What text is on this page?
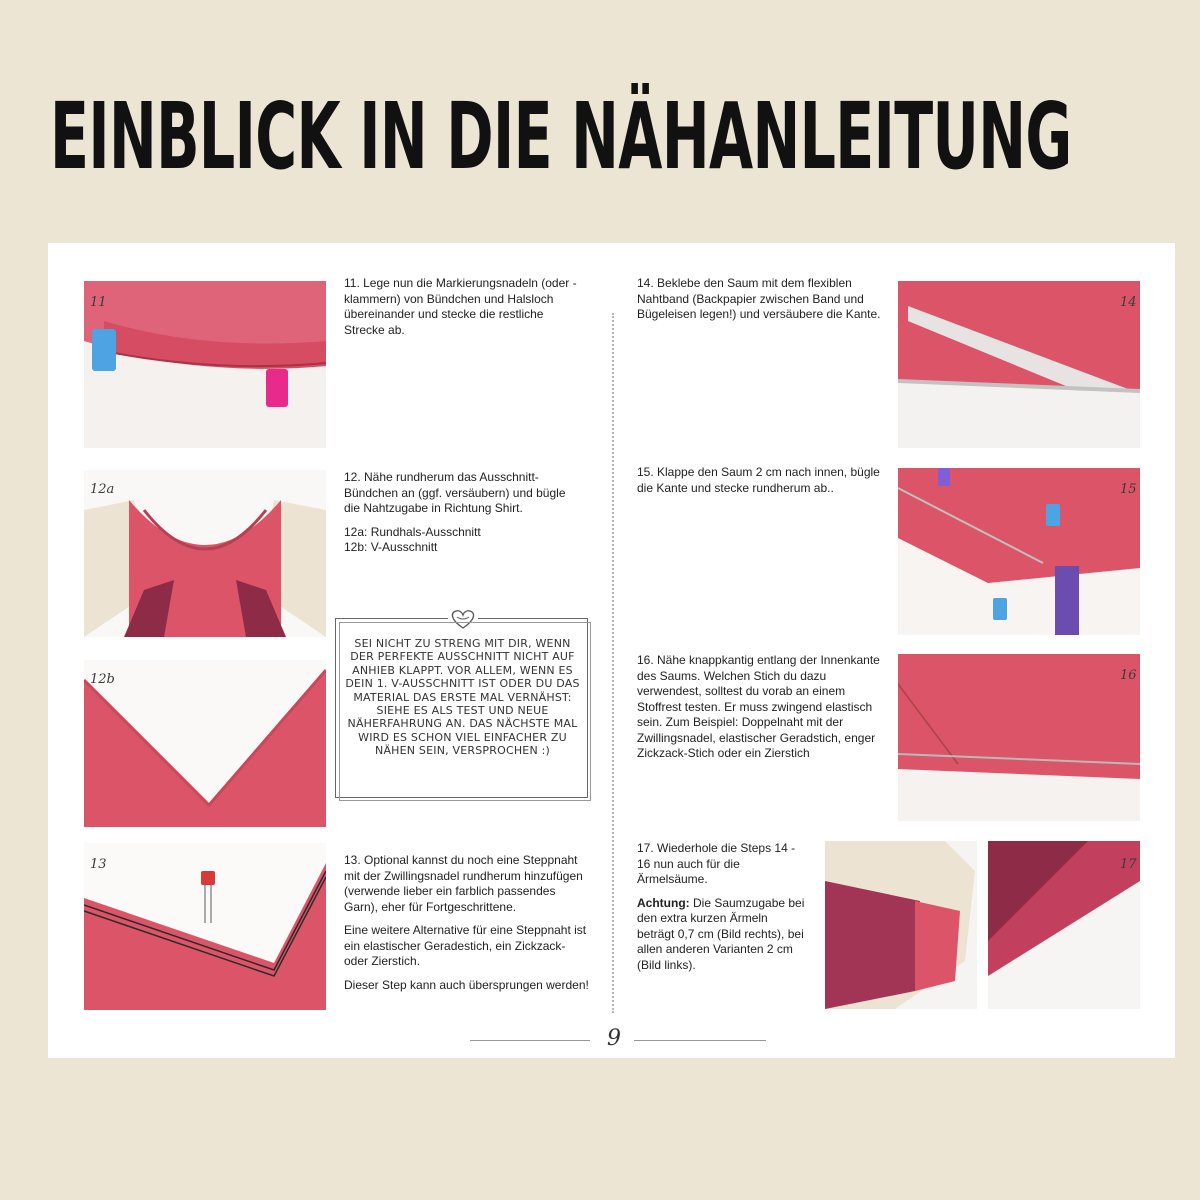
EINBLICK IN DIE NÄHANLEITUNG
11

11. Lege nun die Markierungsnadeln (oder -klammern) von Bündchen und Halsloch übereinander und stecke die restliche Strecke ab.

12a

12. Nähe rundherum das Ausschnitt-Bündchen an (ggf. versäubern) und bügle die Nahtzugabe in Richtung Shirt.

12a: Rundhals-Ausschnitt
12b: V-Ausschnitt
12b
SEI NICHT ZU STRENG MIT DIR, WENN DER PERFEKTE AUSSCHNITT NICHT AUF ANHIEB KLAPPT. VOR ALLEM, WENN ES DEIN 1. V-AUSSCHNITT IST ODER DU DAS MATERIAL DAS ERSTE MAL VERNÄHST: SIEHE ES ALS TEST UND NEUE NÄHERFAHRUNG AN. DAS NÄCHSTE MAL WIRD ES SCHON VIEL EINFACHER ZU NÄHEN SEIN, VERSPROCHEN :)
13	13. Optional kannst du noch eine Steppnaht mit der Zwillingsnadel rundherum hinzufügen (verwende lieber ein farblich passendes Garn), eher für Fortgeschrittene.

Eine weitere Alternative für eine Steppnaht ist ein elastischer Geradestich, ein Zickzack- oder Zierstich.

Dieser Step kann auch übersprungen werden!

14. Beklebe den Saum mit dem flexiblen Nahtband (Backpapier zwischen Band und Bügeleisen legen!) und versäubere die Kante.

14

15. Klappe den Saum 2 cm nach innen, bügle die Kante und stecke rundherum ab..	15

16. Nähe knappkantig entlang der Innenkante des Saums. Welchen Stich du dazu verwendest, solltest du vorab an einem Stoffrest testen. Er muss zwingend elastisch sein. Zum Beispiel: Doppelnaht mit der Zwillingsnadel, elastischer Geradstich, enger Zickzack-Stich oder ein Zierstich

16

17. Wiederhole die Steps 14 - 16 nun auch für die Ärmelsäume.

Achtung: Die Saumzugabe bei den extra kurzen Ärmeln beträgt 0,7 cm (Bild rechts), bei allen anderen Varianten 2 cm (Bild links).

17
9
